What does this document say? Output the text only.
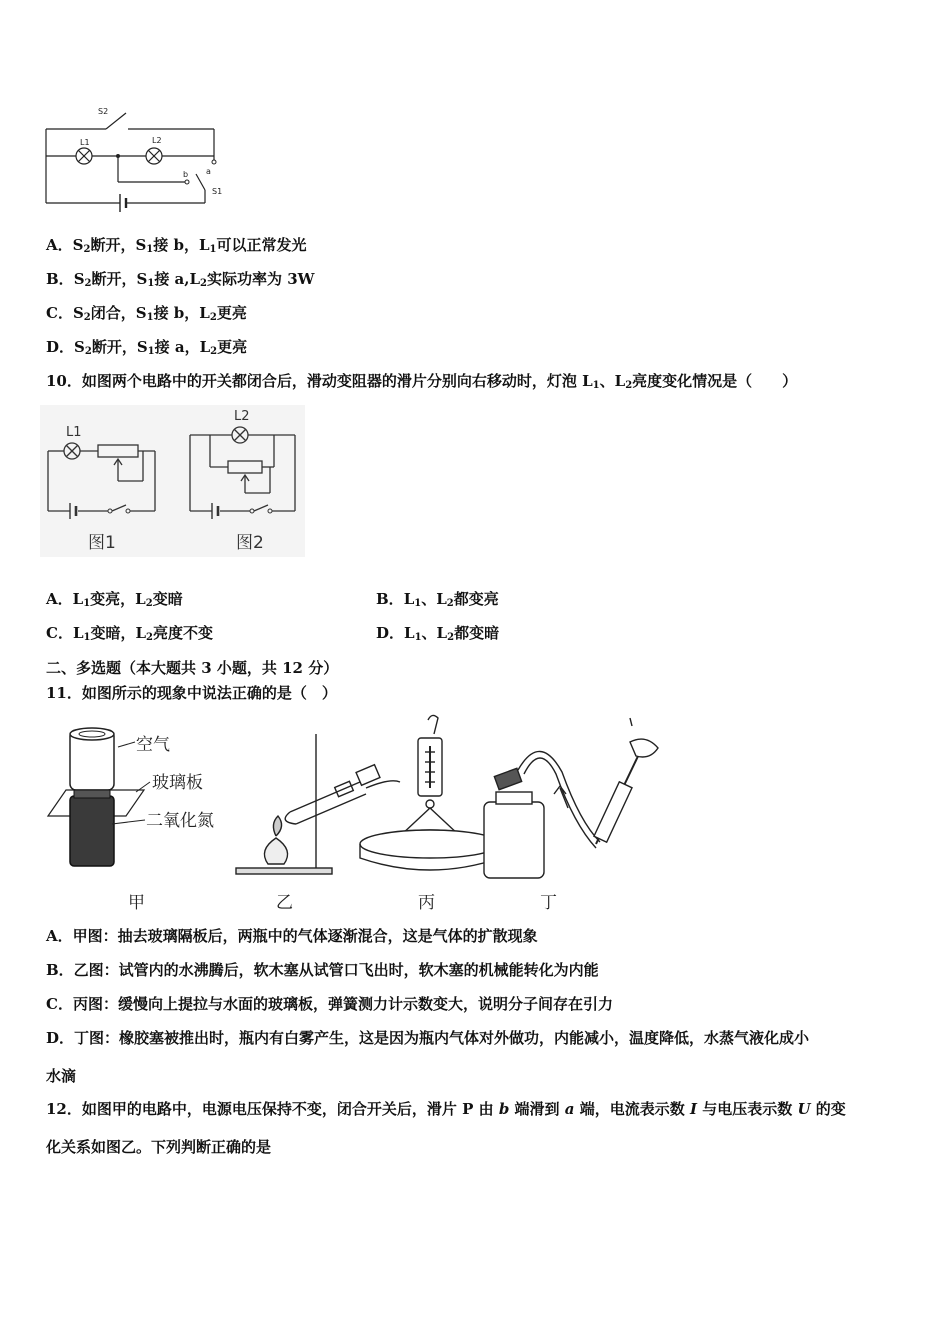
S2
L1	L2
b a
S1
A．$S_2$断开，$S_1$接 b，$L_1$可以正常发光
B．$S_2$断开，$S_1$接 $a,L_2$实际功率为 3W
C．$S_2$闭合，$S_1$接 b，$L_2$更亮
D．$S_2$断开，$S_1$接 a，$L_2$更亮
10．如图两个电路中的开关都闭合后，滑动变阻器的滑片分别向右移动时，灯泡 $L_1$、$L_2$亮度变化情况是（　　）
L1
L2
图1	图2
A．$L_1$变亮，$L_2$变暗	B．$L_1$、$L_2$都变亮
C．$L_1$变暗，$L_2$亮度不变	D．$L_1$、$L_2$都变暗
二、多选题（本大题共 3 小题，共 12 分）
11．如图所示的现象中说法正确的是（　）
空气
玻璃板
二氧化氮
甲	乙	丙	丁
A．甲图：抽去玻璃隔板后，两瓶中的气体逐渐混合，这是气体的扩散现象
B．乙图：试管内的水沸腾后，软木塞从试管口飞出时，软木塞的机械能转化为内能
C．丙图：缓慢向上提拉与水面的玻璃板，弹簧测力计示数变大，说明分子间存在引力
D．丁图：橡胶塞被推出时，瓶内有白雾产生，这是因为瓶内气体对外做功，内能减小，温度降低，水蒸气液化成小
水滴
12．如图甲的电路中，电源电压保持不变，闭合开关后，滑片 P 由 b 端滑到 a 端，电流表示数 I 与电压表示数 U 的变
化关系如图乙。下列判断正确的是
